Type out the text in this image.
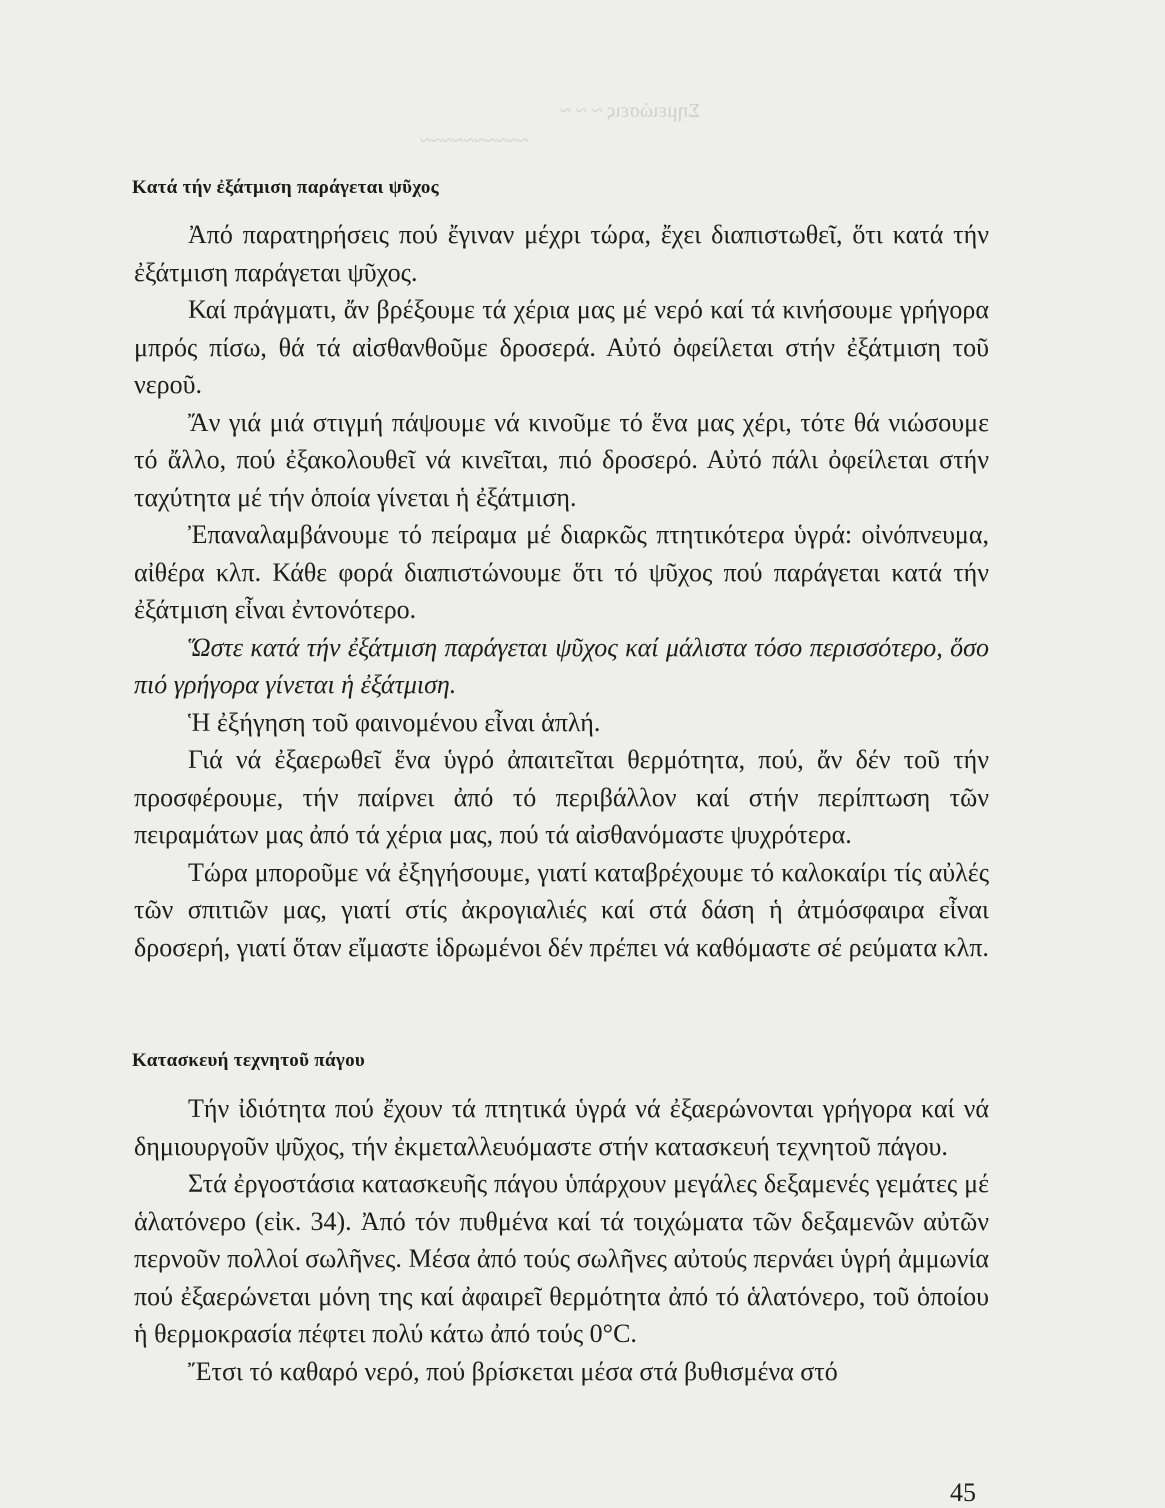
Σημειώσεις ~ ~ ~
~~~~~~~~~~
Κατά τήν ἐξάτμιση παράγεται ψῦχος

Ἀπό παρατηρήσεις πού ἔγιναν μέχρι τώρα, ἔχει διαπιστωθεῖ, ὅτι κατά τήν ἐξάτμιση παράγεται ψῦχος.

Καί πράγματι, ἄν βρέξουμε τά χέρια μας μέ νερό καί τά κινήσουμε γρήγορα μπρός πίσω, θά τά αἰσθανθοῦμε δροσερά. Αὐτό ὀφείλεται στήν ἐξάτμιση τοῦ νεροῦ.

Ἄν γιά μιά στιγμή πάψουμε νά κινοῦμε τό ἕνα μας χέρι, τότε θά νιώσουμε τό ἄλλο, πού ἐξακολουθεῖ νά κινεῖται, πιό δροσερό. Αὐτό πάλι ὀφείλεται στήν ταχύτητα μέ τήν ὁποία γίνεται ἡ ἐξάτμιση.

Ἐπαναλαμβάνουμε τό πείραμα μέ διαρκῶς πτητικότερα ὑγρά: οἰνόπνευμα, αἰθέρα κλπ. Κάθε φορά διαπιστώνουμε ὅτι τό ψῦχος πού παράγεται κατά τήν ἐξάτμιση εἶναι ἐντονότερο.

Ὥστε κατά τήν ἐξάτμιση παράγεται ψῦχος καί μάλιστα τόσο περισσότερο, ὅσο πιό γρήγορα γίνεται ἡ ἐξάτμιση.

Ἡ ἐξήγηση τοῦ φαινομένου εἶναι ἁπλή.

Γιά νά ἐξαερωθεῖ ἕνα ὑγρό ἀπαιτεῖται θερμότητα, πού, ἄν δέν τοῦ τήν προσφέρουμε, τήν παίρνει ἀπό τό περιβάλλον καί στήν περίπτωση τῶν πειραμάτων μας ἀπό τά χέρια μας, πού τά αἰσθανόμαστε ψυχρότερα.

Τώρα μποροῦμε νά ἐξηγήσουμε, γιατί καταβρέχουμε τό καλοκαίρι τίς αὐλές τῶν σπιτιῶν μας, γιατί στίς ἀκρογιαλιές καί στά δάση ἡ ἀτμόσφαιρα εἶναι δροσερή, γιατί ὅταν εἴμαστε ἱδρωμένοι δέν πρέπει νά καθόμαστε σέ ρεύματα κλπ.

Κατασκευή τεχνητοῦ πάγου

Τήν ἰδιότητα πού ἔχουν τά πτητικά ὑγρά νά ἐξαερώνονται γρήγορα καί νά δημιουργοῦν ψῦχος, τήν ἐκμεταλλευόμαστε στήν κατασκευή τεχνητοῦ πάγου.

Στά ἐργοστάσια κατασκευῆς πάγου ὑπάρχουν μεγάλες δεξαμενές γεμάτες μέ ἁλατόνερο (εἰκ. 34). Ἀπό τόν πυθμένα καί τά τοιχώματα τῶν δεξαμενῶν αὐτῶν περνοῦν πολλοί σωλῆνες. Μέσα ἀπό τούς σωλῆνες αὐτούς περνάει ὑγρή ἀμμωνία πού ἐξαερώνεται μόνη της καί ἀφαιρεῖ θερμότητα ἀπό τό ἁλατόνερο, τοῦ ὁποίου ἡ θερμοκρασία πέφτει πολύ κάτω ἀπό τούς 0°C.

Ἔτσι τό καθαρό νερό, πού βρίσκεται μέσα στά βυθισμένα στό

45
